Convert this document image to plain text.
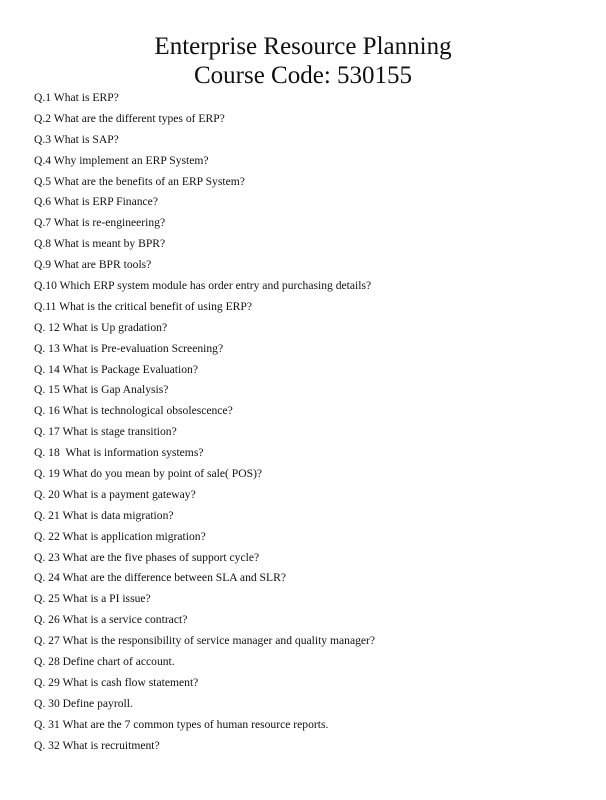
Enterprise Resource Planning
Course Code: 530155
Q.1 What is ERP?
Q.2 What are the different types of ERP?
Q.3 What is SAP?
Q.4 Why implement an ERP System?
Q.5 What are the benefits of an ERP System?
Q.6 What is ERP Finance?
Q.7 What is re-engineering?
Q.8 What is meant by BPR?
Q.9 What are BPR tools?
Q.10 Which ERP system module has order entry and purchasing details?
Q.11 What is the critical benefit of using ERP?
Q. 12 What is Up gradation?
Q. 13 What is Pre-evaluation Screening?
Q. 14 What is Package Evaluation?
Q. 15 What is Gap Analysis?
Q. 16 What is technological obsolescence?
Q. 17 What is stage transition?
Q. 18  What is information systems?
Q. 19 What do you mean by point of sale( POS)?
Q. 20 What is a payment gateway?
Q. 21 What is data migration?
Q. 22 What is application migration?
Q. 23 What are the five phases of support cycle?
Q. 24 What are the difference between SLA and SLR?
Q. 25 What is a PI issue?
Q. 26 What is a service contract?
Q. 27 What is the responsibility of service manager and quality manager?
Q. 28 Define chart of account.
Q. 29 What is cash flow statement?
Q. 30 Define payroll.
Q. 31 What are the 7 common types of human resource reports.
Q. 32 What is recruitment?
